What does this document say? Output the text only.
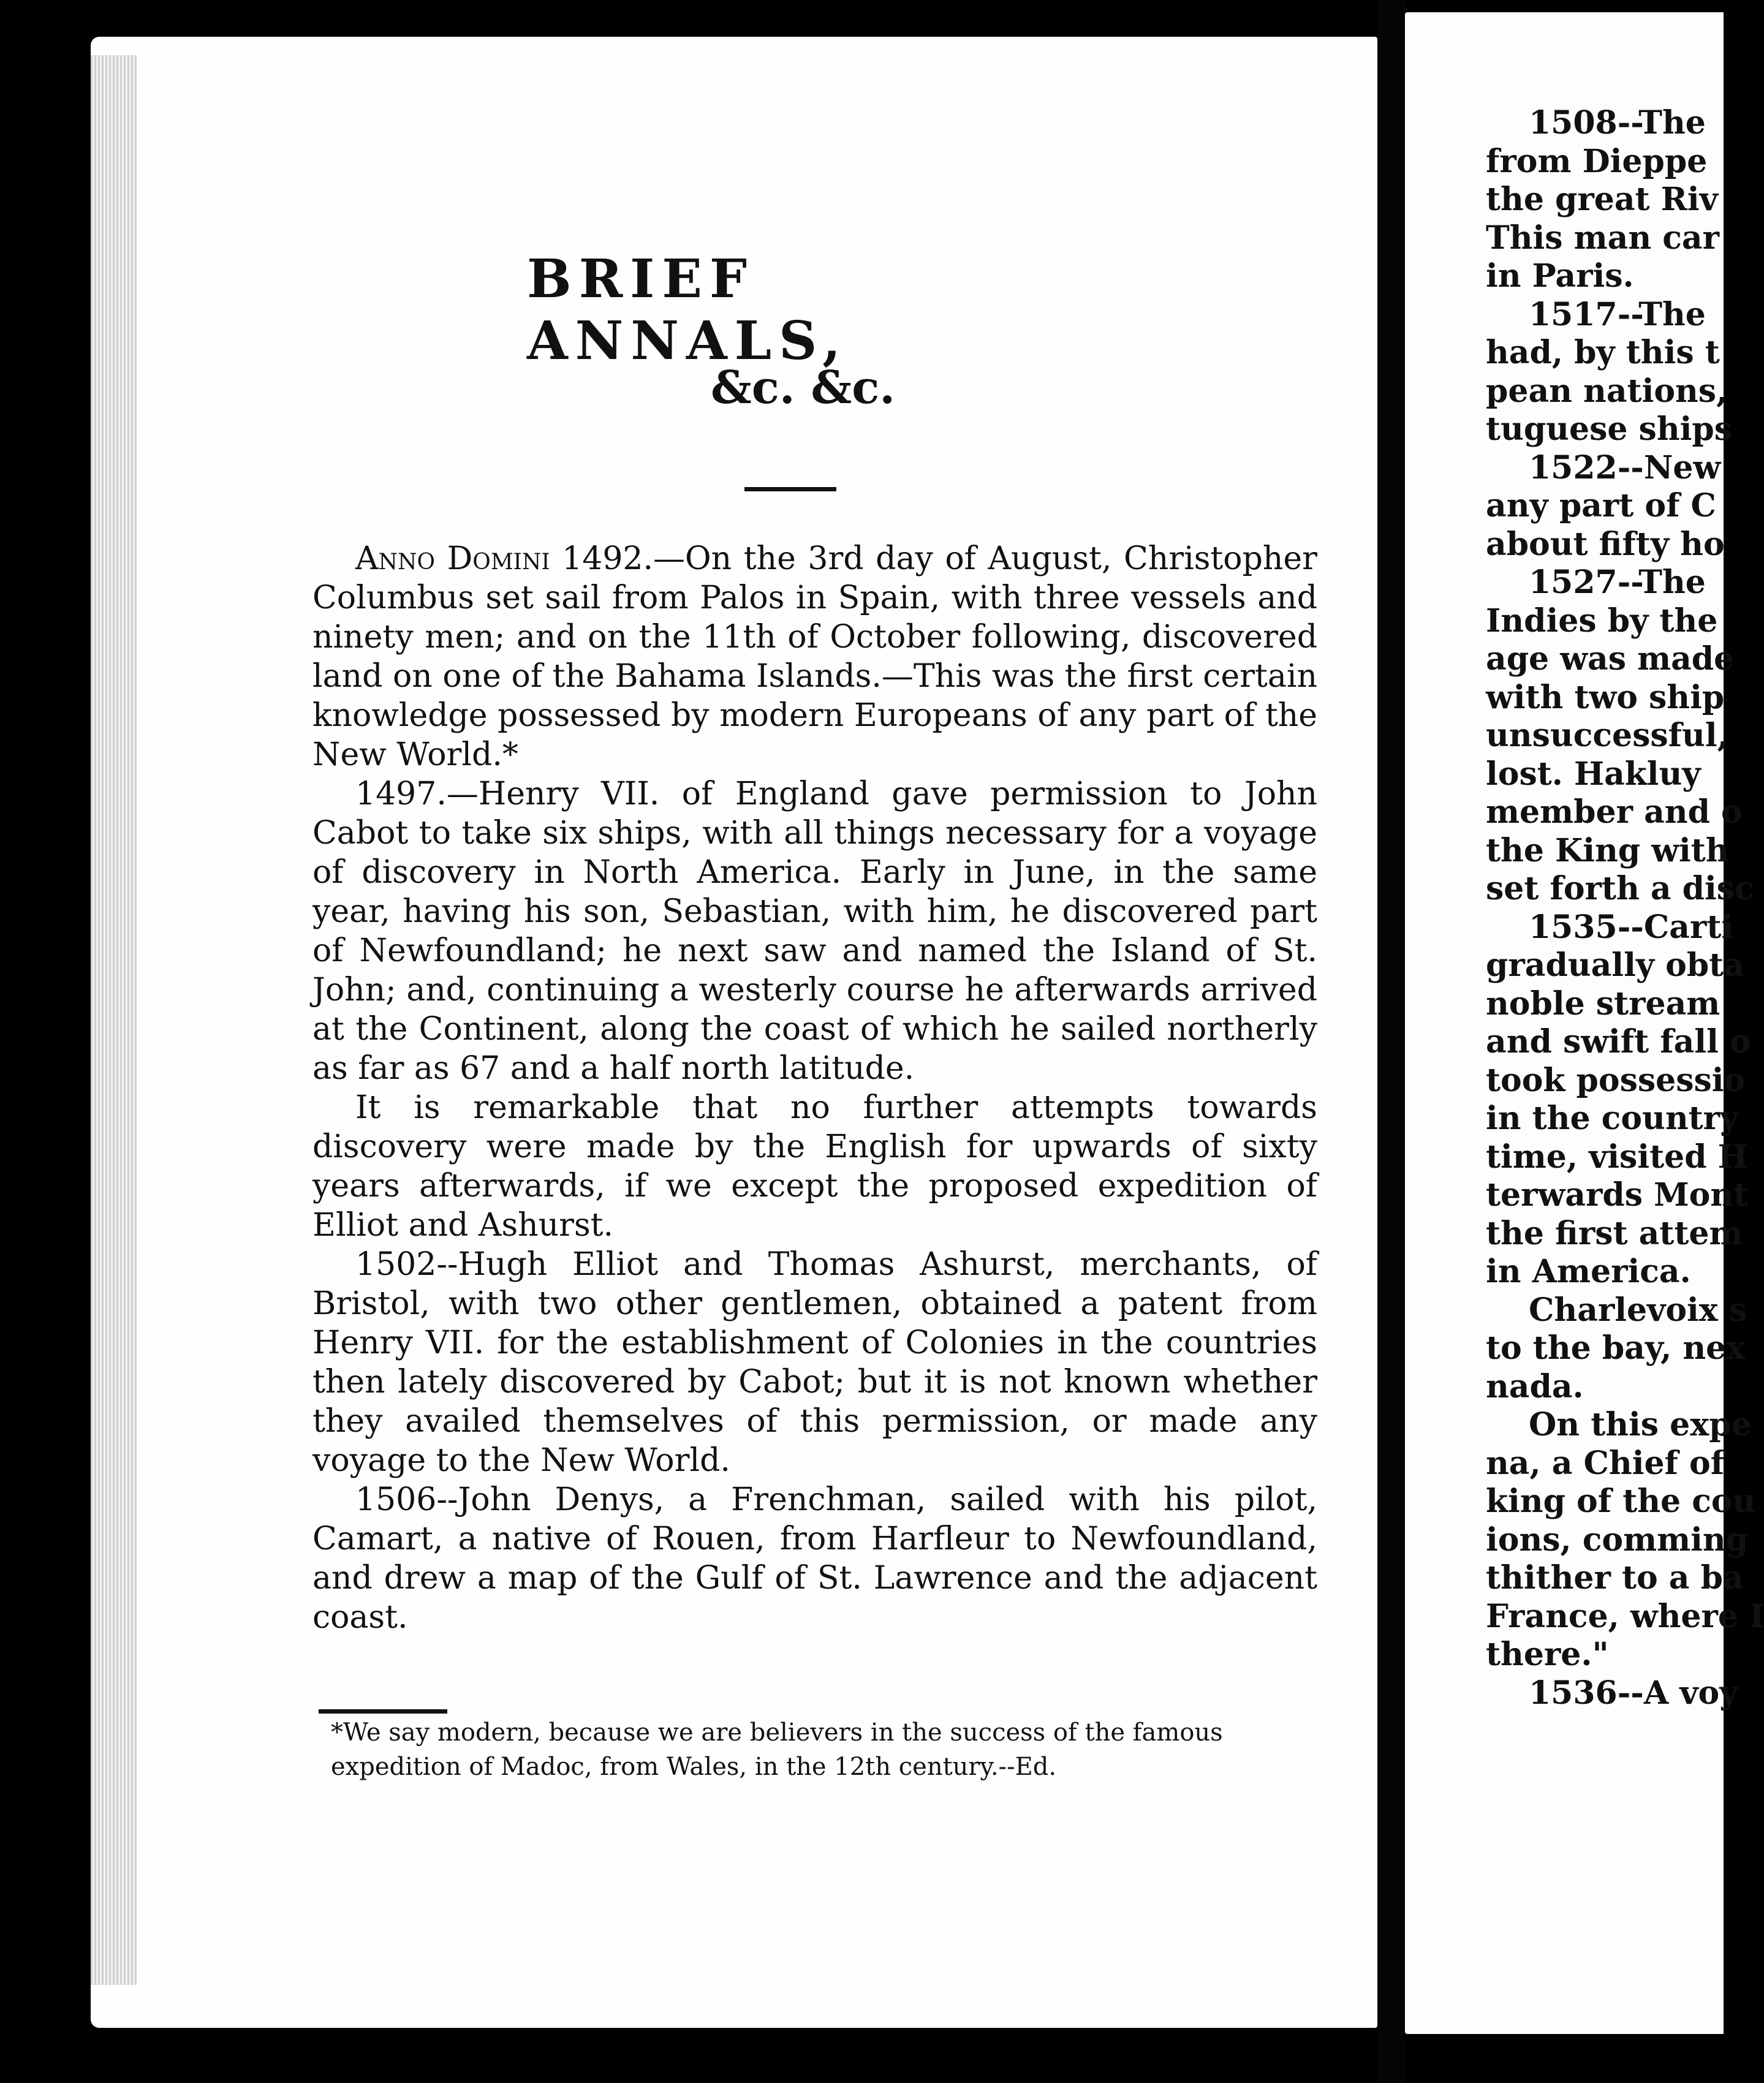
BRIEF ANNALS,
&c. &c.

Anno Domini 1492.—On the 3rd day of August, Christopher Columbus set sail from Palos in Spain, with three vessels and ninety men; and on the 11th of October following, discovered land on one of the Bahama Islands.—This was the first certain knowledge possessed by modern Europeans of any part of the New World.*

1497.—Henry VII. of England gave permission to John Cabot to take six ships, with all things necessary for a voyage of discovery in North America. Early in June, in the same year, having his son, Sebastian, with him, he discovered part of Newfoundland; he next saw and named the Island of St. John; and, continuing a westerly course he afterwards arrived at the Continent, along the coast of which he sailed northerly as far as 67 and a half north latitude.

It is remarkable that no further attempts towards discovery were made by the English for upwards of sixty years afterwards, if we except the proposed expedition of Elliot and Ashurst.

1502--Hugh Elliot and Thomas Ashurst, merchants, of Bristol, with two other gentlemen, obtained a patent from Henry VII. for the establishment of Colonies in the countries then lately discovered by Cabot; but it is not known whether they availed themselves of this permission, or made any voyage to the New World.

1506--John Denys, a Frenchman, sailed with his pilot, Camart, a native of Rouen, from Harfleur to Newfoundland, and drew a map of the Gulf of St. Lawrence and the adjacent coast.

*We say modern, because we are believers in the success of the famous expedition of Madoc, from Wales, in the 12th century.--Ed.
1508--The
from Dieppe
the great Riv
This man car
in Paris.
1517--The
had, by this t
pean nations,
tuguese ships
1522--New
any part of C
about fifty ho
1527--The
Indies by the
age was made
with two ship
unsuccessful,
lost. Hakluy
member and o
the King with
set forth a disc
1535--Carti
gradually obta
noble stream
and swift fall o
took possessio
in the country
time, visited H
terwards Mont
the first attem
in America.
Charlevoix s
to the bay, nex
nada.
On this expe
na, a Chief of
king of the cou
ions, comming
thither to a ba
France, where I
there."
1536--A voy
